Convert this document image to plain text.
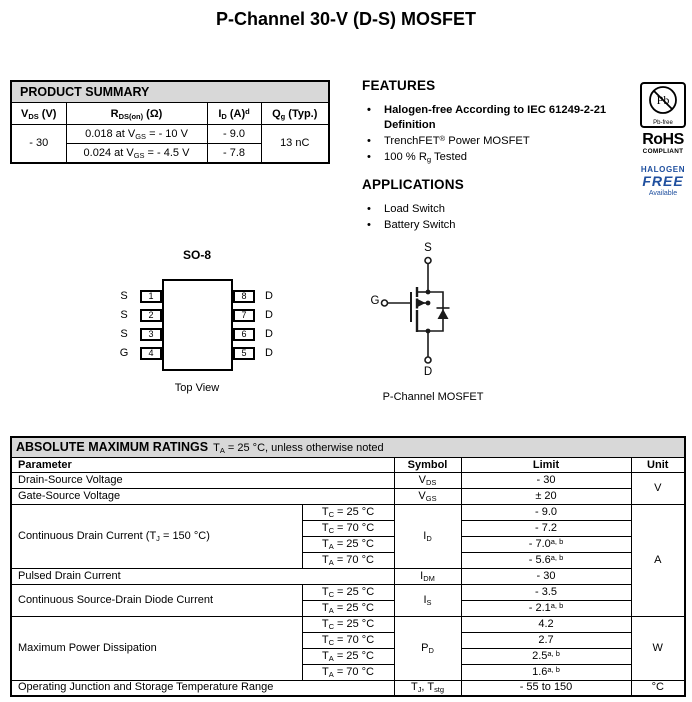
P-Channel 30-V (D-S) MOSFET
PRODUCT SUMMARY			
$V_{DS}$ (V)	$R_{DS(on)}$ (Ω)	$I_D$ $(A)^d$	$Q_g$ (Typ.)
- 30	0.018 at $V_{GS}$ = - 10 V	- 9.0	13 nC
	0.024 at $V_{GS}$ = - 4.5 V	- 7.8	
FEATURES
•	Halogen-free According to IEC 61249-2-21 Definition
•	TrenchFET® Power MOSFET
•	100 % $R_g$ Tested
APPLICATIONS
•	Load Switch
•	Battery Switch
Pb
Pb-free
RoHS
COMPLIANT
HALOGEN
FREE
Available
SO-8
S
S
S
G
1
2
3
4
8
7
6
5
D
D
D
D
Top View
S
G
D
P-Channel MOSFET
ABSOLUTE MAXIMUM RATINGS $T_A = 25$ °C, unless otherwise noted				
Parameter		Symbol	Limit	Unit
Drain-Source Voltage		$V_{DS}$	- 30	V
Gate-Source Voltage		$V_{GS}$	± 20	
Continuous Drain Current ($T_J = 150$ °C)	$T_C = 25$ °C	$I_D$	- 9.0	A
	$T_C = 70$ °C		- 7.2	
	$T_A = 25$ °C		- 7.0$^{a, b}$
	$T_A = 70$ °C		- 5.6$^{a, b}$
Pulsed Drain Current		$I_{DM}$	- 30	
Continuous Source-Drain Diode Current	$T_C = 25$ °C	$I_S$	- 3.5	
	$T_A = 25$ °C		- 2.1$^{a, b}$
Maximum Power Dissipation	$T_C = 25$ °C	$P_D$	4.2	W
	$T_C = 70$ °C		2.7	
	$T_A = 25$ °C		2.5$^{a, b}$
	$T_A = 70$ °C		1.6$^{a, b}$
Operating Junction and Storage Temperature Range		$T_J$, $T_{stg}$	- 55 to 150	°C
